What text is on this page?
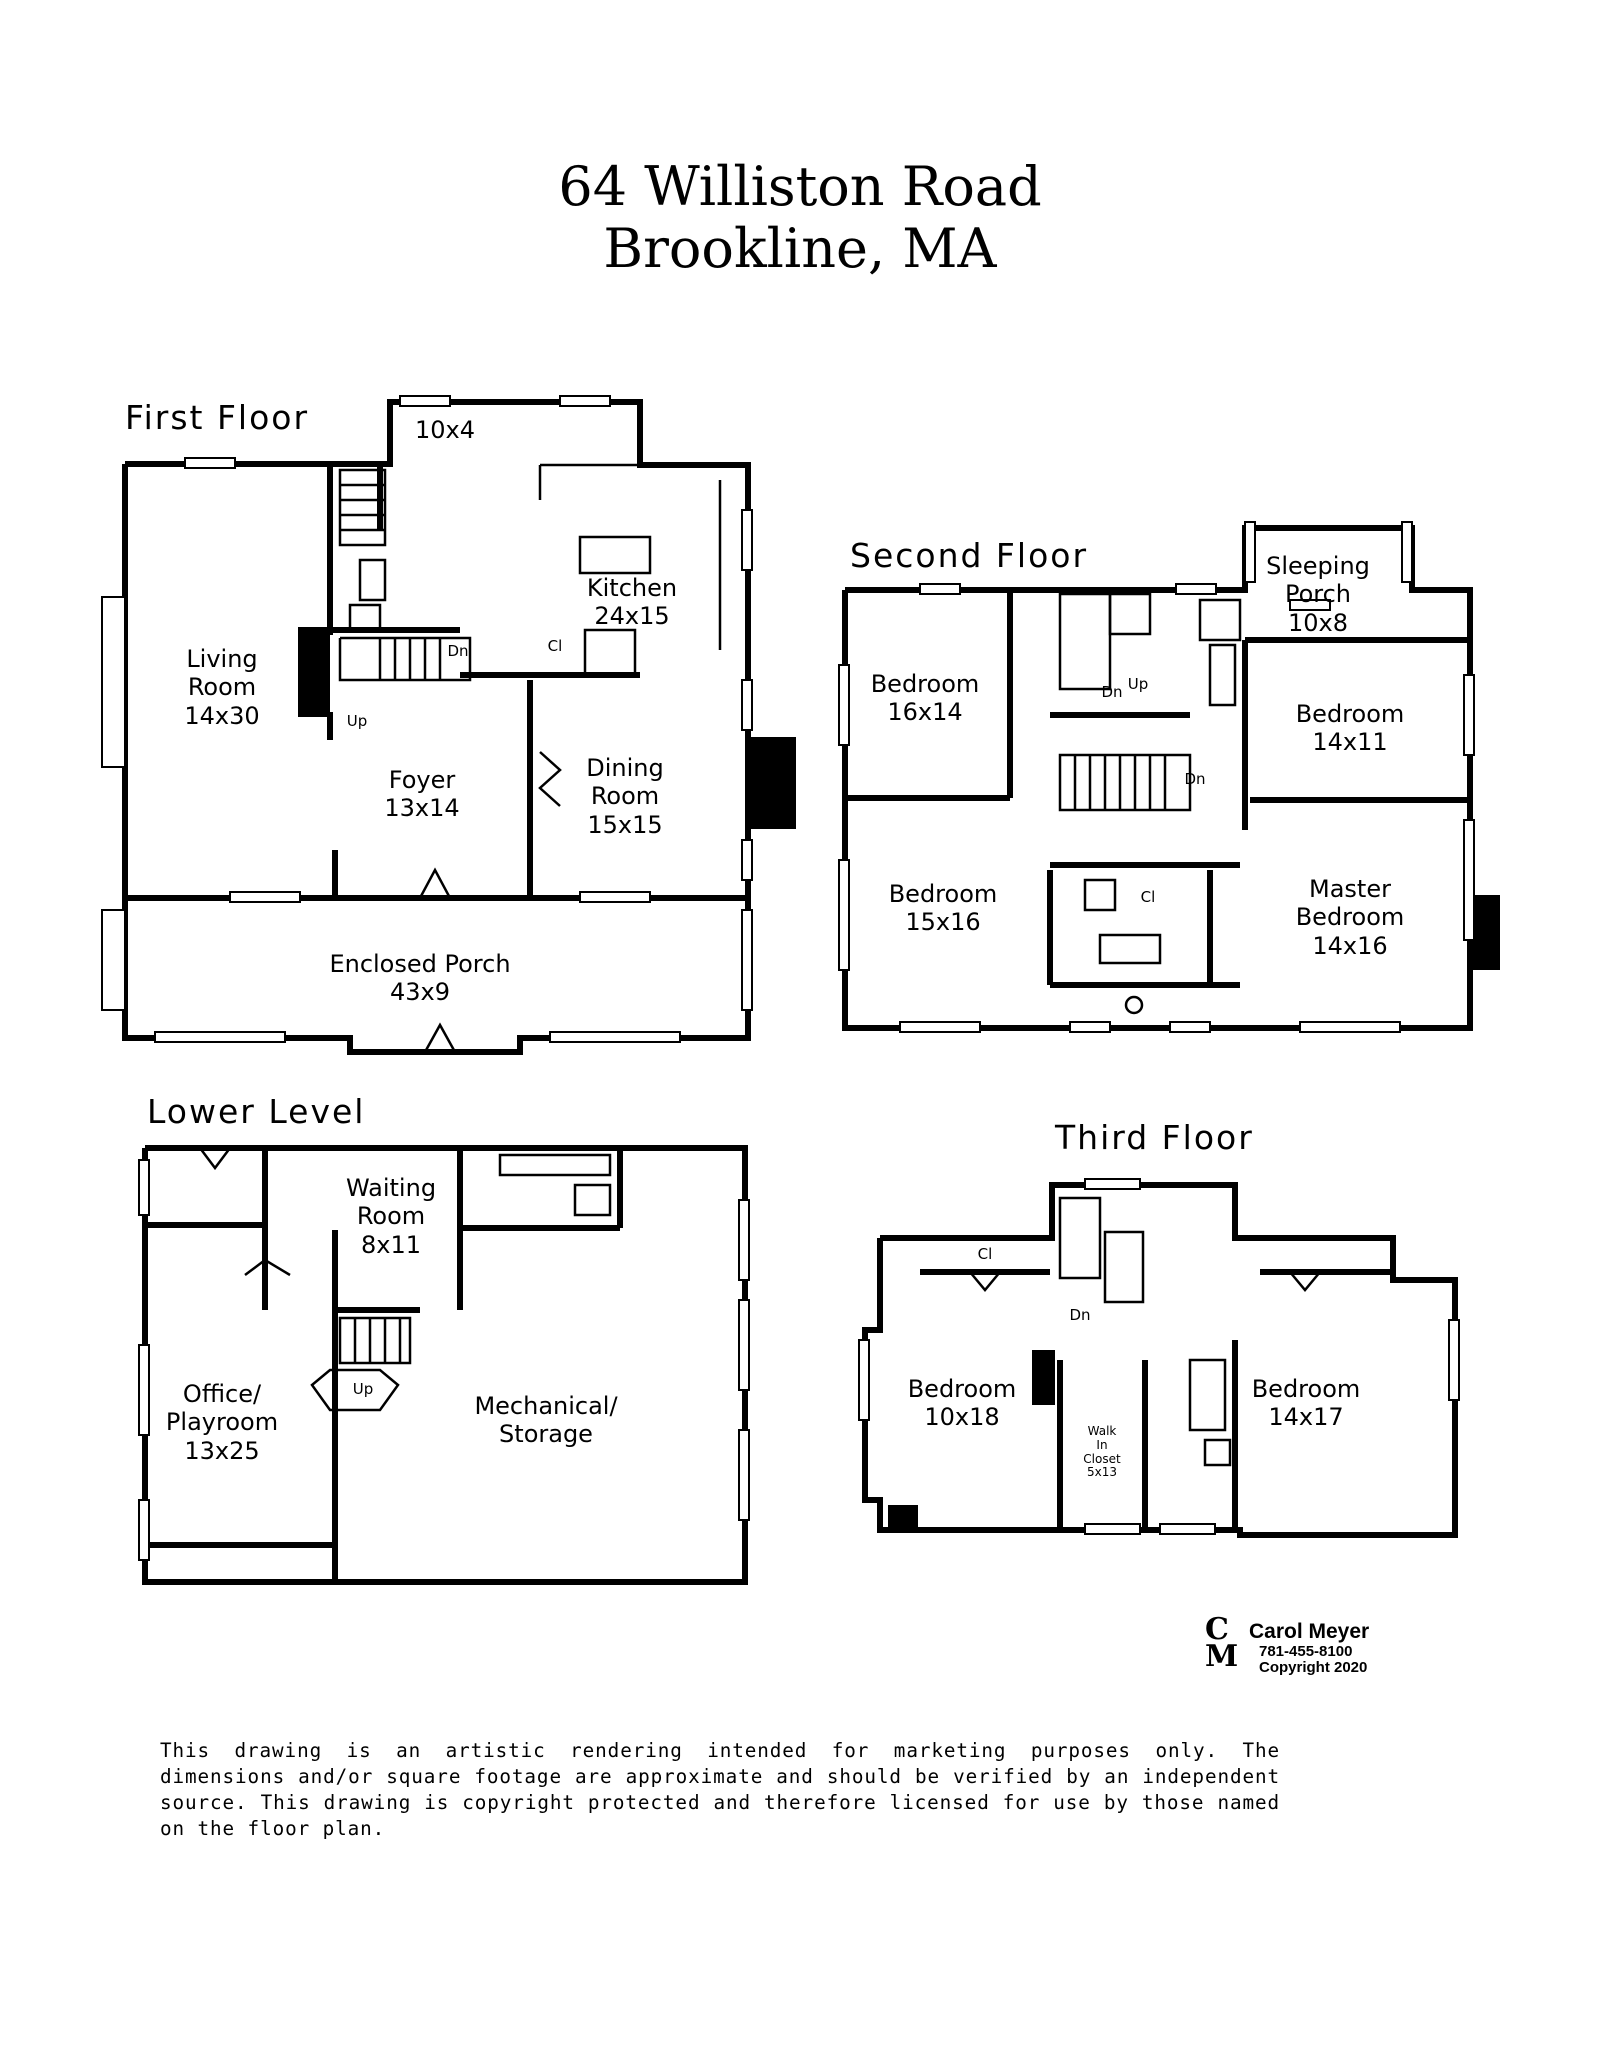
64 Williston Road
Brookline, MA
First Floor	10x4
Kitchen
24x15
Living
Room
14x30
Foyer
13x14
Dining
Room
15x15
Enclosed Porch
43x9
Dn
Up
Cl
Second Floor	Sleeping
Porch
10x8
Bedroom
16x14	Bedroom
14x11
Bedroom
15x16
Master
Bedroom
14x16
Dn
Dn Up
Cl
Lower Level
Waiting
Room
8x11
Office/
Playroom
13x25
Mechanical/
Storage
Up
Third Floor
Bedroom
10x18
Bedroom
14x17
Walk
In
Closet
5x13
Dn
Cl
C
M
Carol Meyer
781-455-8100
Copyright 2020
This drawing is an artistic rendering intended for marketing purposes only. The dimensions and/or square footage are approximate and should be verified by an independent source. This drawing is copyright protected and therefore licensed for use by those named on the floor plan.
